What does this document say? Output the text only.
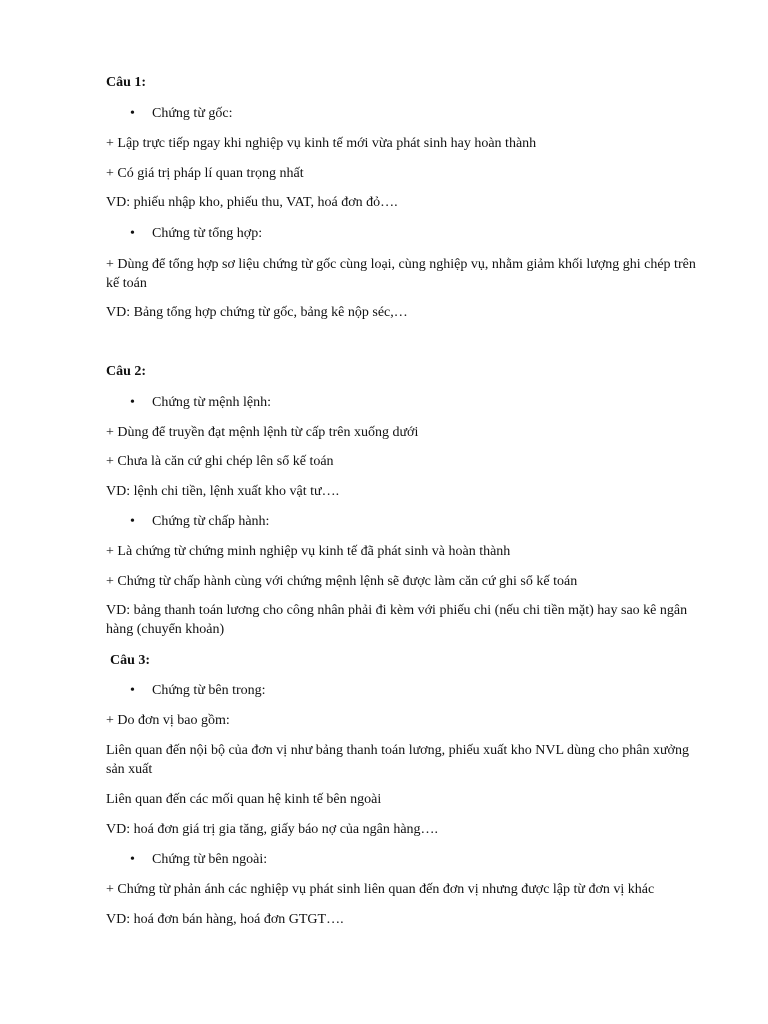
Câu 1:
• Chứng từ gốc:
+ Lập trực tiếp ngay khi nghiệp vụ kinh tế mới vừa phát sinh hay hoàn thành
+ Có giá trị pháp lí quan trọng nhất
VD: phiếu nhập kho, phiếu thu, VAT, hoá đơn đỏ….
• Chứng từ tổng hợp:
+ Dùng để tổng hợp sơ liệu chứng từ gốc cùng loại, cùng nghiệp vụ, nhằm giảm khối lượng ghi chép trên kế toán
VD: Bảng tổng hợp chứng từ gốc, bảng kê nộp séc,…
Câu 2:
• Chứng từ mệnh lệnh:
+ Dùng để truyền đạt mệnh lệnh từ cấp trên xuống dưới
+ Chưa là căn cứ ghi chép lên sổ kế toán
VD: lệnh chi tiền, lệnh xuất kho vật tư….
• Chứng từ chấp hành:
+ Là chứng từ chứng minh nghiệp vụ kinh tế đã phát sinh và hoàn thành
+ Chứng từ chấp hành cùng với chứng mệnh lệnh sẽ được làm căn cứ ghi sổ kế toán
VD: bảng thanh toán lương cho công nhân phải đi kèm với phiếu chi (nếu chi tiền mặt) hay sao kê ngân hàng (chuyển khoản)
Câu 3:
• Chứng từ bên trong:
+ Do đơn vị bao gồm:
Liên quan đến nội bộ của đơn vị như bảng thanh toán lương, phiếu xuất kho NVL dùng cho phân xưởng sản xuất
Liên quan đến các mối quan hệ kinh tế bên ngoài
VD: hoá đơn giá trị gia tăng, giấy báo nợ của ngân hàng….
• Chứng từ bên ngoài:
+ Chứng từ phản ánh các nghiệp vụ phát sinh liên quan đến đơn vị nhưng được lập từ đơn vị khác
VD: hoá đơn bán hàng, hoá đơn GTGT….
